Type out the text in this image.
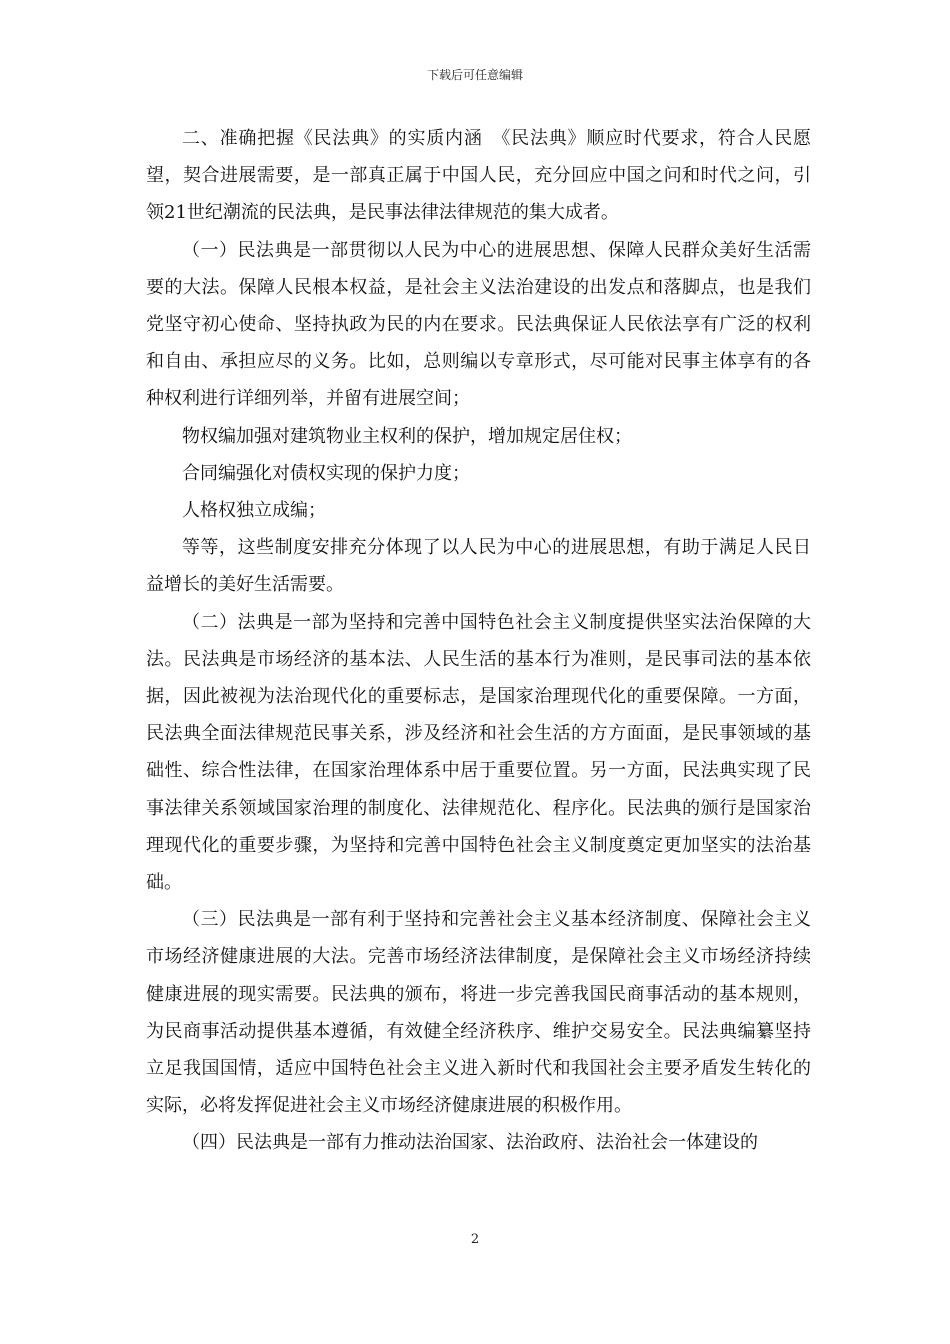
下载后可任意编辑

二、准确把握《民法典》的实质内涵　《民法典》顺应时代要求，符合人民愿望，契合进展需要，是一部真正属于中国人民，充分回应中国之问和时代之问，引领21世纪潮流的民法典，是民事法律法律规范的集大成者。

（一）民法典是一部贯彻以人民为中心的进展思想、保障人民群众美好生活需要的大法。保障人民根本权益，是社会主义法治建设的出发点和落脚点，也是我们党坚守初心使命、坚持执政为民的内在要求。民法典保证人民依法享有广泛的权利和自由、承担应尽的义务。比如，总则编以专章形式，尽可能对民事主体享有的各种权利进行详细列举，并留有进展空间；

物权编加强对建筑物业主权利的保护，增加规定居住权；

合同编强化对债权实现的保护力度；

人格权独立成编；

等等，这些制度安排充分体现了以人民为中心的进展思想，有助于满足人民日益增长的美好生活需要。

（二）法典是一部为坚持和完善中国特色社会主义制度提供坚实法治保障的大法。民法典是市场经济的基本法、人民生活的基本行为准则，是民事司法的基本依据，因此被视为法治现代化的重要标志，是国家治理现代化的重要保障。一方面，民法典全面法律规范民事关系，涉及经济和社会生活的方方面面，是民事领域的基础性、综合性法律，在国家治理体系中居于重要位置。另一方面，民法典实现了民事法律关系领域国家治理的制度化、法律规范化、程序化。民法典的颁行是国家治理现代化的重要步骤，为坚持和完善中国特色社会主义制度奠定更加坚实的法治基础。

（三）民法典是一部有利于坚持和完善社会主义基本经济制度、保障社会主义市场经济健康进展的大法。完善市场经济法律制度，是保障社会主义市场经济持续健康进展的现实需要。民法典的颁布，将进一步完善我国民商事活动的基本规则，为民商事活动提供基本遵循，有效健全经济秩序、维护交易安全。民法典编纂坚持立足我国国情，适应中国特色社会主义进入新时代和我国社会主要矛盾发生转化的实际，必将发挥促进社会主义市场经济健康进展的积极作用。

（四）民法典是一部有力推动法治国家、法治政府、法治社会一体建设的

2
